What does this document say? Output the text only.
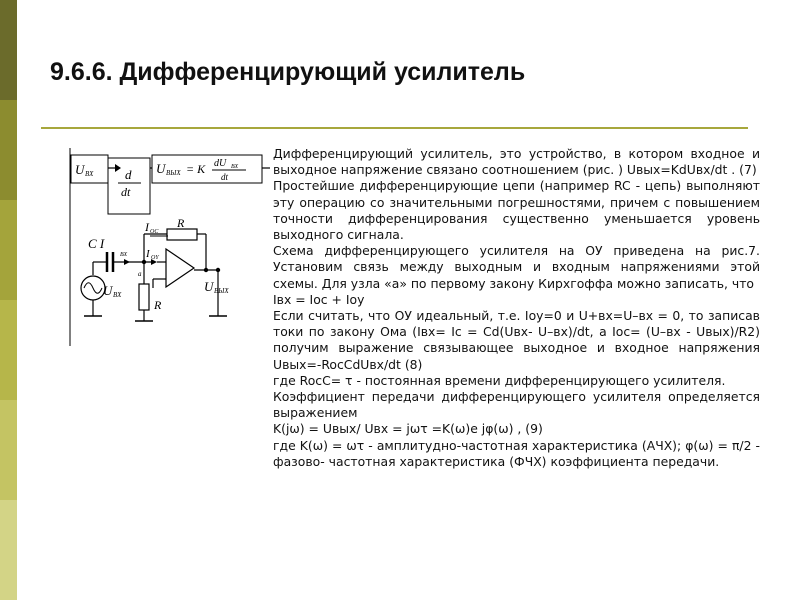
9.6.6. Дифференцирующий усилитель
U ВХ d
dt
U ВЫХ = K dU ВХ
dt
C I
ВХ
a
I OC
R
I OY
U ВЫХ
U ВХ
R

Дифференцирующий усилитель, это устройство, в котором входное и выходное напряжение связано соотношением (рис. ) Uвых=KdUвх/dt . (7)

Простейшие дифференцирующие цепи (например RC - цепь) выполняют эту операцию со значительными погрешностями, причем с повышением точности дифференцирования существенно уменьшается уровень выходного сигнала.

Схема дифференцирующего усилителя на ОУ приведена на рис.7. Установим связь между выходным и входным напряжениями этой схемы. Для узла «а» по первому закону Кирхгоффа можно записать, что

Iвх = Iос + Iоу

Если считать, что ОУ идеальный, т.е. Iоу=0 и U+вх=U–вх = 0, то записав токи по закону Ома (Iвх= Ic = Cd(Uвх- U–вх)/dt, а Iос= (U–вх - Uвых)/R2) получим выражение связывающее выходное и входное напряжения Uвых=-RocCdUвх/dt (8)

где RocC= τ - постоянная времени дифференцирующего усилителя.

Коэффициент передачи дифференцирующего усилителя определяется выражением

K(jω) = Uвых/ Uвх = jωτ =K(ω)e jφ(ω) , (9)

где K(ω) = ωτ - амплитудно-частотная характеристика (АЧХ); φ(ω) = π/2 - фазово- частотная характеристика (ФЧХ) коэффициента передачи.
